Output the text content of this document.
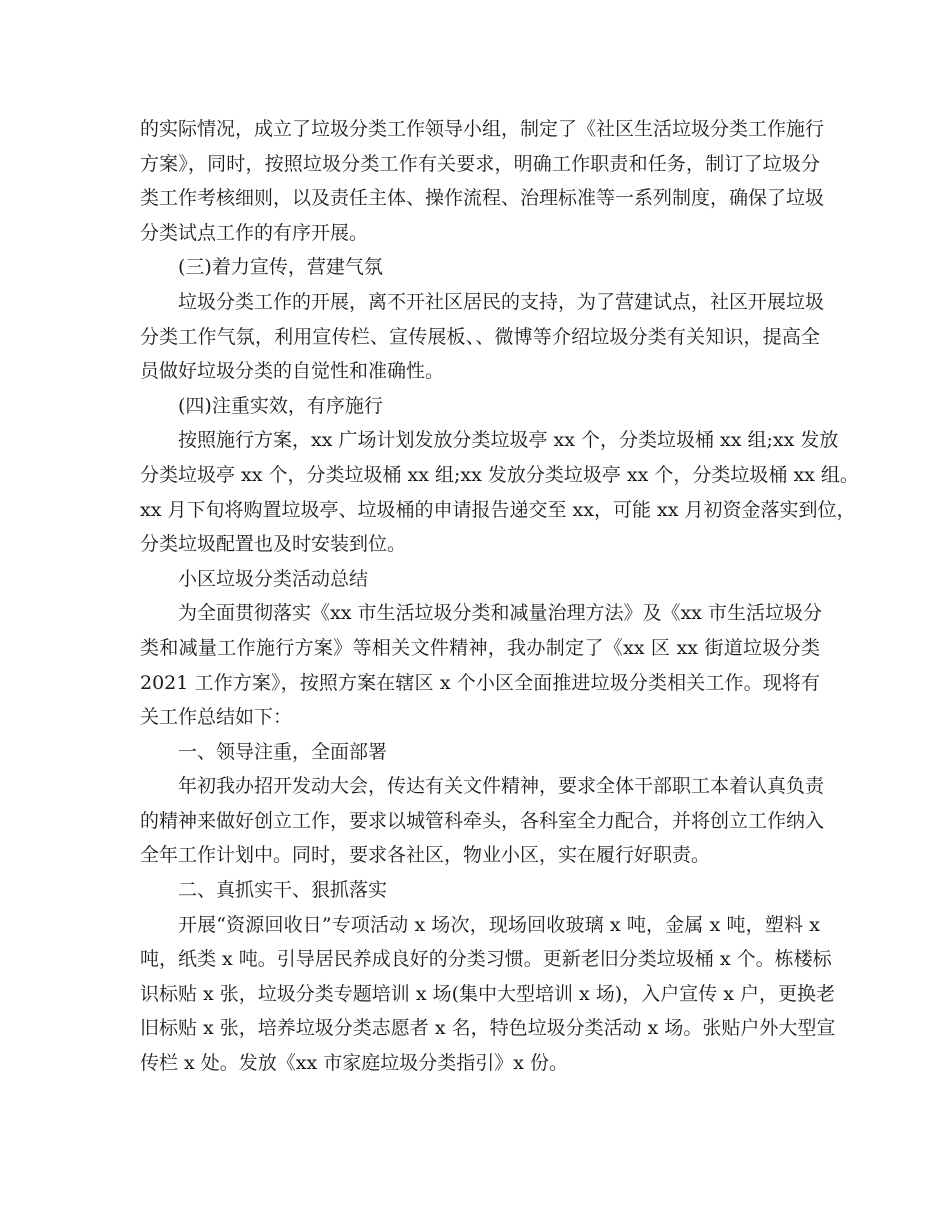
的实际情况，成立了垃圾分类工作领导小组，制定了《社区生活垃圾分类工作施行
方案》，同时，按照垃圾分类工作有关要求，明确工作职责和任务，制订了垃圾分
类工作考核细则，以及责任主体、操作流程、治理标准等一系列制度，确保了垃圾
分类试点工作的有序开展。
(三)着力宣传，营建气氛
垃圾分类工作的开展，离不开社区居民的支持，为了营建试点，社区开展垃圾
分类工作气氛，利用宣传栏、宣传展板、、微博等介绍垃圾分类有关知识，提高全
员做好垃圾分类的自觉性和准确性。
(四)注重实效，有序施行
按照施行方案，xx 广场计划发放分类垃圾亭 xx 个，分类垃圾桶 xx 组;xx 发放
分类垃圾亭 xx 个，分类垃圾桶 xx 组;xx 发放分类垃圾亭 xx 个，分类垃圾桶 xx 组。
xx 月下旬将购置垃圾亭、垃圾桶的申请报告递交至 xx，可能 xx 月初资金落实到位，
分类垃圾配置也及时安装到位。
小区垃圾分类活动总结
为全面贯彻落实《xx 市生活垃圾分类和减量治理方法》及《xx 市生活垃圾分
类和减量工作施行方案》等相关文件精神，我办制定了《xx 区 xx 街道垃圾分类
2021 工作方案》，按照方案在辖区 x 个小区全面推进垃圾分类相关工作。现将有
关工作总结如下：
一、领导注重，全面部署
年初我办招开发动大会，传达有关文件精神，要求全体干部职工本着认真负责
的精神来做好创立工作，要求以城管科牵头，各科室全力配合，并将创立工作纳入
全年工作计划中。同时，要求各社区，物业小区，实在履行好职责。
二、真抓实干、狠抓落实
开展“资源回收日”专项活动 x 场次，现场回收玻璃 x 吨，金属 x 吨，塑料 x
吨，纸类 x 吨。引导居民养成良好的分类习惯。更新老旧分类垃圾桶 x 个。栋楼标
识标贴 x 张，垃圾分类专题培训 x 场(集中大型培训 x 场)，入户宣传 x 户，更换老
旧标贴 x 张，培养垃圾分类志愿者 x 名，特色垃圾分类活动 x 场。张贴户外大型宣
传栏 x 处。发放《xx 市家庭垃圾分类指引》x 份。
